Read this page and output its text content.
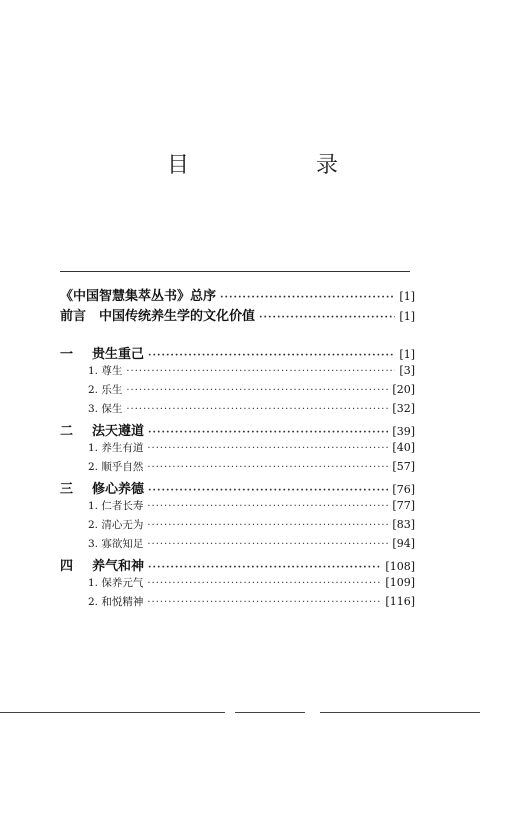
目 录
《中国智慧集萃丛书》总序 ·····	[1]
前言　中国传统养生学的文化价值 ·····	[1]
一 贵生重己 ·····	[1]
1. 尊生 ·····	[3]
2. 乐生 ·····	[20]
3. 保生 ·····	[32]
二 法天遵道 ·····	[39]
1. 养生有道 ·····	[40]
2. 顺乎自然 ·····	[57]
三 修心养德 ·····	[76]
1. 仁者长寿 ·····	[77]
2. 清心无为 ·····	[83]
3. 寡欲知足 ·····	[94]
四 养气和神 ·····	[108]
1. 保养元气 ·····	[109]
2. 和悦精神 ·····	[116]
